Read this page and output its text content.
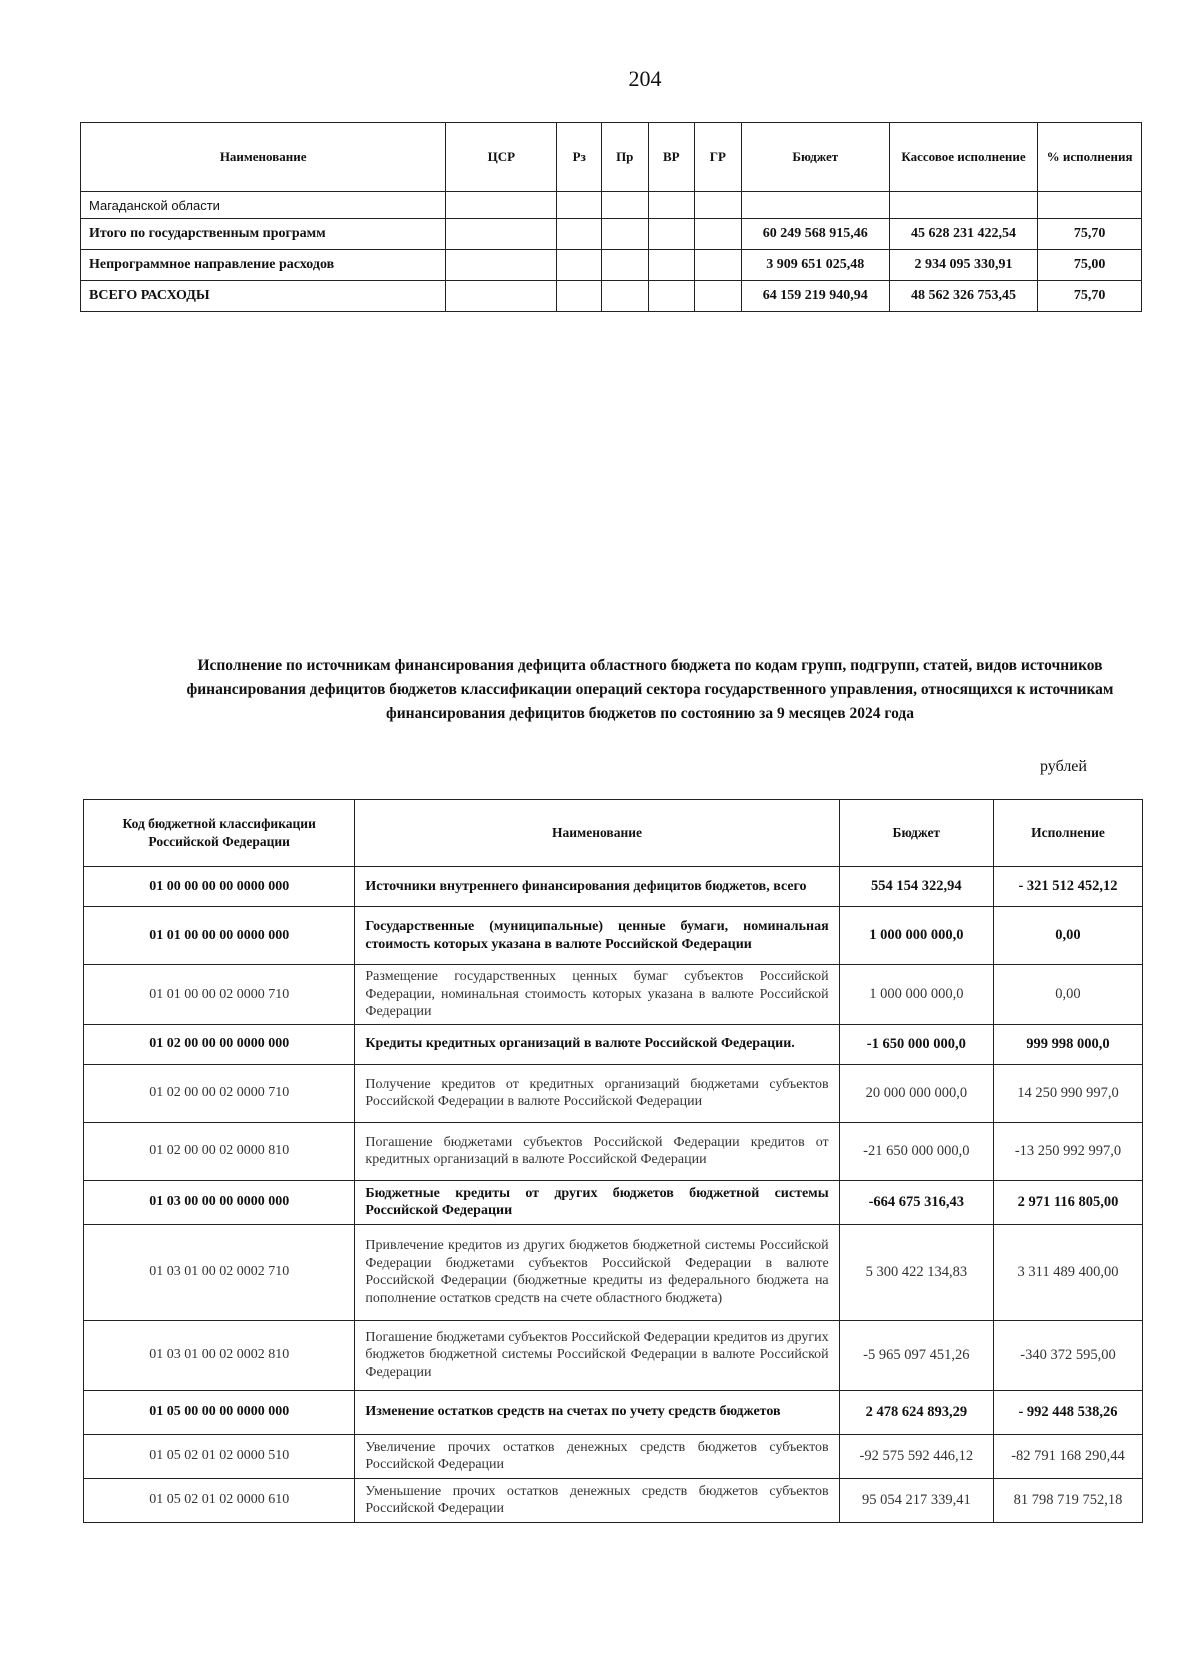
204
Наименование	ЦСР	Рз	Пр	ВР	ГР	Бюджет	Кассовое исполнение	% исполнения
Магаданской области								
Итого по государственным программ						60 249 568 915,46	45 628 231 422,54	75,70
Непрограммное направление расходов						3 909 651 025,48	2 934 095 330,91	75,00
ВСЕГО РАСХОДЫ						64 159 219 940,94	48 562 326 753,45	75,70
Исполнение по источникам финансирования дефицита областного бюджета по кодам групп, подгрупп, статей, видов источников финансирования дефицитов бюджетов классификации операций сектора государственного управления, относящихся к источникам финансирования дефицитов бюджетов по состоянию за 9 месяцев 2024 года
рублей
Код бюджетной классификации Российской Федерации	Наименование	Бюджет	Исполнение
01 00 00 00 00 0000 000	Источники внутреннего финансирования дефицитов бюджетов, всего	554 154 322,94	- 321 512 452,12
01 01 00 00 00 0000 000	Государственные (муниципальные) ценные бумаги, номинальная стоимость которых указана в валюте Российской Федерации	1 000 000 000,0	0,00
01 01 00 00 02 0000 710	Размещение государственных ценных бумаг субъектов Российской Федерации, номинальная стоимость которых указана в валюте Российской Федерации	1 000 000 000,0	0,00
01 02 00 00 00 0000 000	Кредиты кредитных организаций в валюте Российской Федерации.	-1 650 000 000,0	999 998 000,0
01 02 00 00 02 0000 710	Получение кредитов от кредитных организаций бюджетами субъектов Российской Федерации в валюте Российской Федерации	20 000 000 000,0	14 250 990 997,0
01 02 00 00 02 0000 810	Погашение бюджетами субъектов Российской Федерации кредитов от кредитных организаций в валюте Российской Федерации	-21 650 000 000,0	-13 250 992 997,0
01 03 00 00 00 0000 000	Бюджетные кредиты от других бюджетов бюджетной системы Российской Федерации	-664 675 316,43	2 971 116 805,00
01 03 01 00 02 0002 710	Привлечение кредитов из других бюджетов бюджетной системы Российской Федерации бюджетами субъектов Российской Федерации в валюте Российской Федерации (бюджетные кредиты из федерального бюджета на пополнение остатков средств на счете областного бюджета)	5 300 422 134,83	3 311 489 400,00
01 03 01 00 02 0002 810	Погашение бюджетами субъектов Российской Федерации кредитов из других бюджетов бюджетной системы Российской Федерации в валюте Российской Федерации	-5 965 097 451,26	-340 372 595,00
01 05 00 00 00 0000 000	Изменение остатков средств на счетах по учету средств бюджетов	2 478 624 893,29	- 992 448 538,26
01 05 02 01 02 0000 510	Увеличение прочих остатков денежных средств бюджетов субъектов Российской Федерации	-92 575 592 446,12	-82 791 168 290,44
01 05 02 01 02 0000 610	Уменьшение прочих остатков денежных средств бюджетов субъектов Российской Федерации	95 054 217 339,41	81 798 719 752,18
